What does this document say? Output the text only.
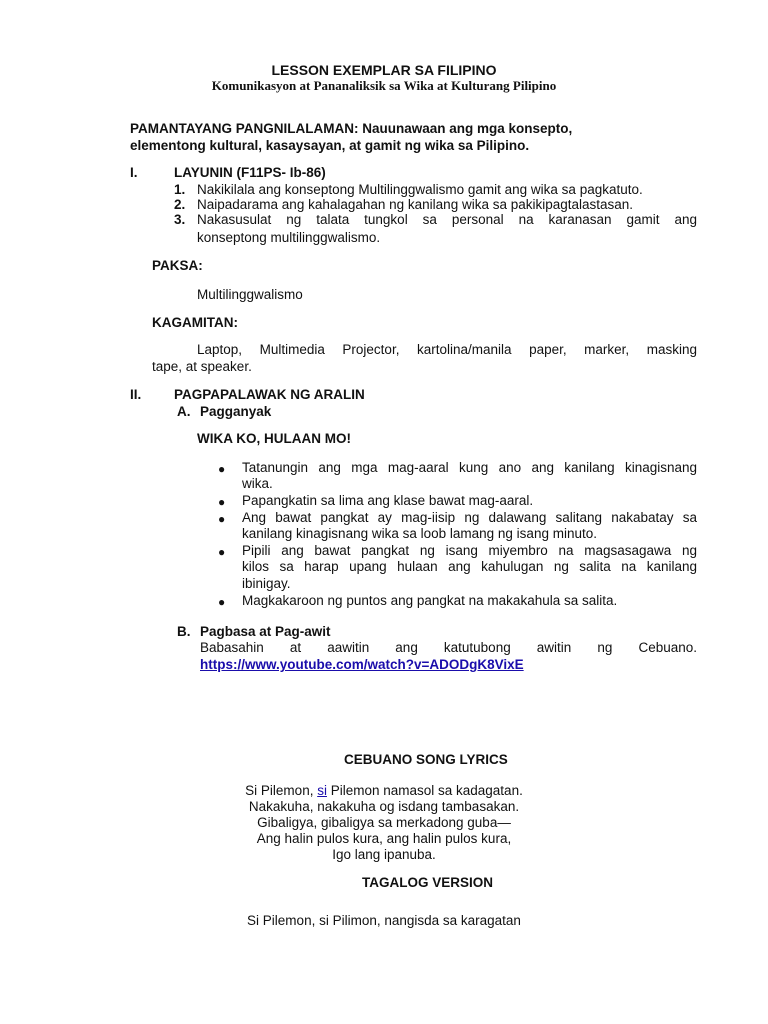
LESSON EXEMPLAR SA FILIPINO
Komunikasyon at Pananaliksik sa Wika at Kulturang Pilipino
PAMANTAYANG PANGNILALAMAN: Nauunawaan ang mga konsepto,
elementong kultural, kasaysayan, at gamit ng wika sa Pilipino.
I.	LAYUNIN (F11PS- Ib-86)
1. Nakikilala ang konseptong Multilinggwalismo gamit ang wika sa pagkatuto.
2. Naipadarama ang kahalagahan ng kanilang wika sa pakikipagtalastasan.
3. Nakasusulat ng talata tungkol sa personal na karanasan gamit ang
konseptong multilinggwalismo.
PAKSA:
Multilinggwalismo
KAGAMITAN:
Laptop, Multimedia Projector, kartolina/manila paper, marker, masking
tape, at speaker.
II. PAGPAPALAWAK NG ARALIN
A. Pagganyak
WIKA KO, HULAAN MO!
● Tatanungin ang mga mag-aaral kung ano ang kanilang kinagisnang
wika.
● Papangkatin sa lima ang klase bawat mag-aaral.
● Ang bawat pangkat ay mag-iisip ng dalawang salitang nakabatay sa
kanilang kinagisnang wika sa loob lamang ng isang minuto.
● Pipili ang bawat pangkat ng isang miyembro na magsasagawa ng
kilos sa harap upang hulaan ang kahulugan ng salita na kanilang
ibinigay.
● Magkakaroon ng puntos ang pangkat na makakahula sa salita.
B. Pagbasa at Pag-awit
Babasahin at aawitin ang katutubong awitin ng Cebuano.
https://www.youtube.com/watch?v=ADODgK8VixE
CEBUANO SONG LYRICS
Si Pilemon, si Pilemon namasol sa kadagatan.
Nakakuha, nakakuha og isdang tambasakan.
Gibaligya, gibaligya sa merkadong guba—
Ang halin pulos kura, ang halin pulos kura,
Igo lang ipanuba.
TAGALOG VERSION
Si Pilemon, si Pilimon, nangisda sa karagatan
